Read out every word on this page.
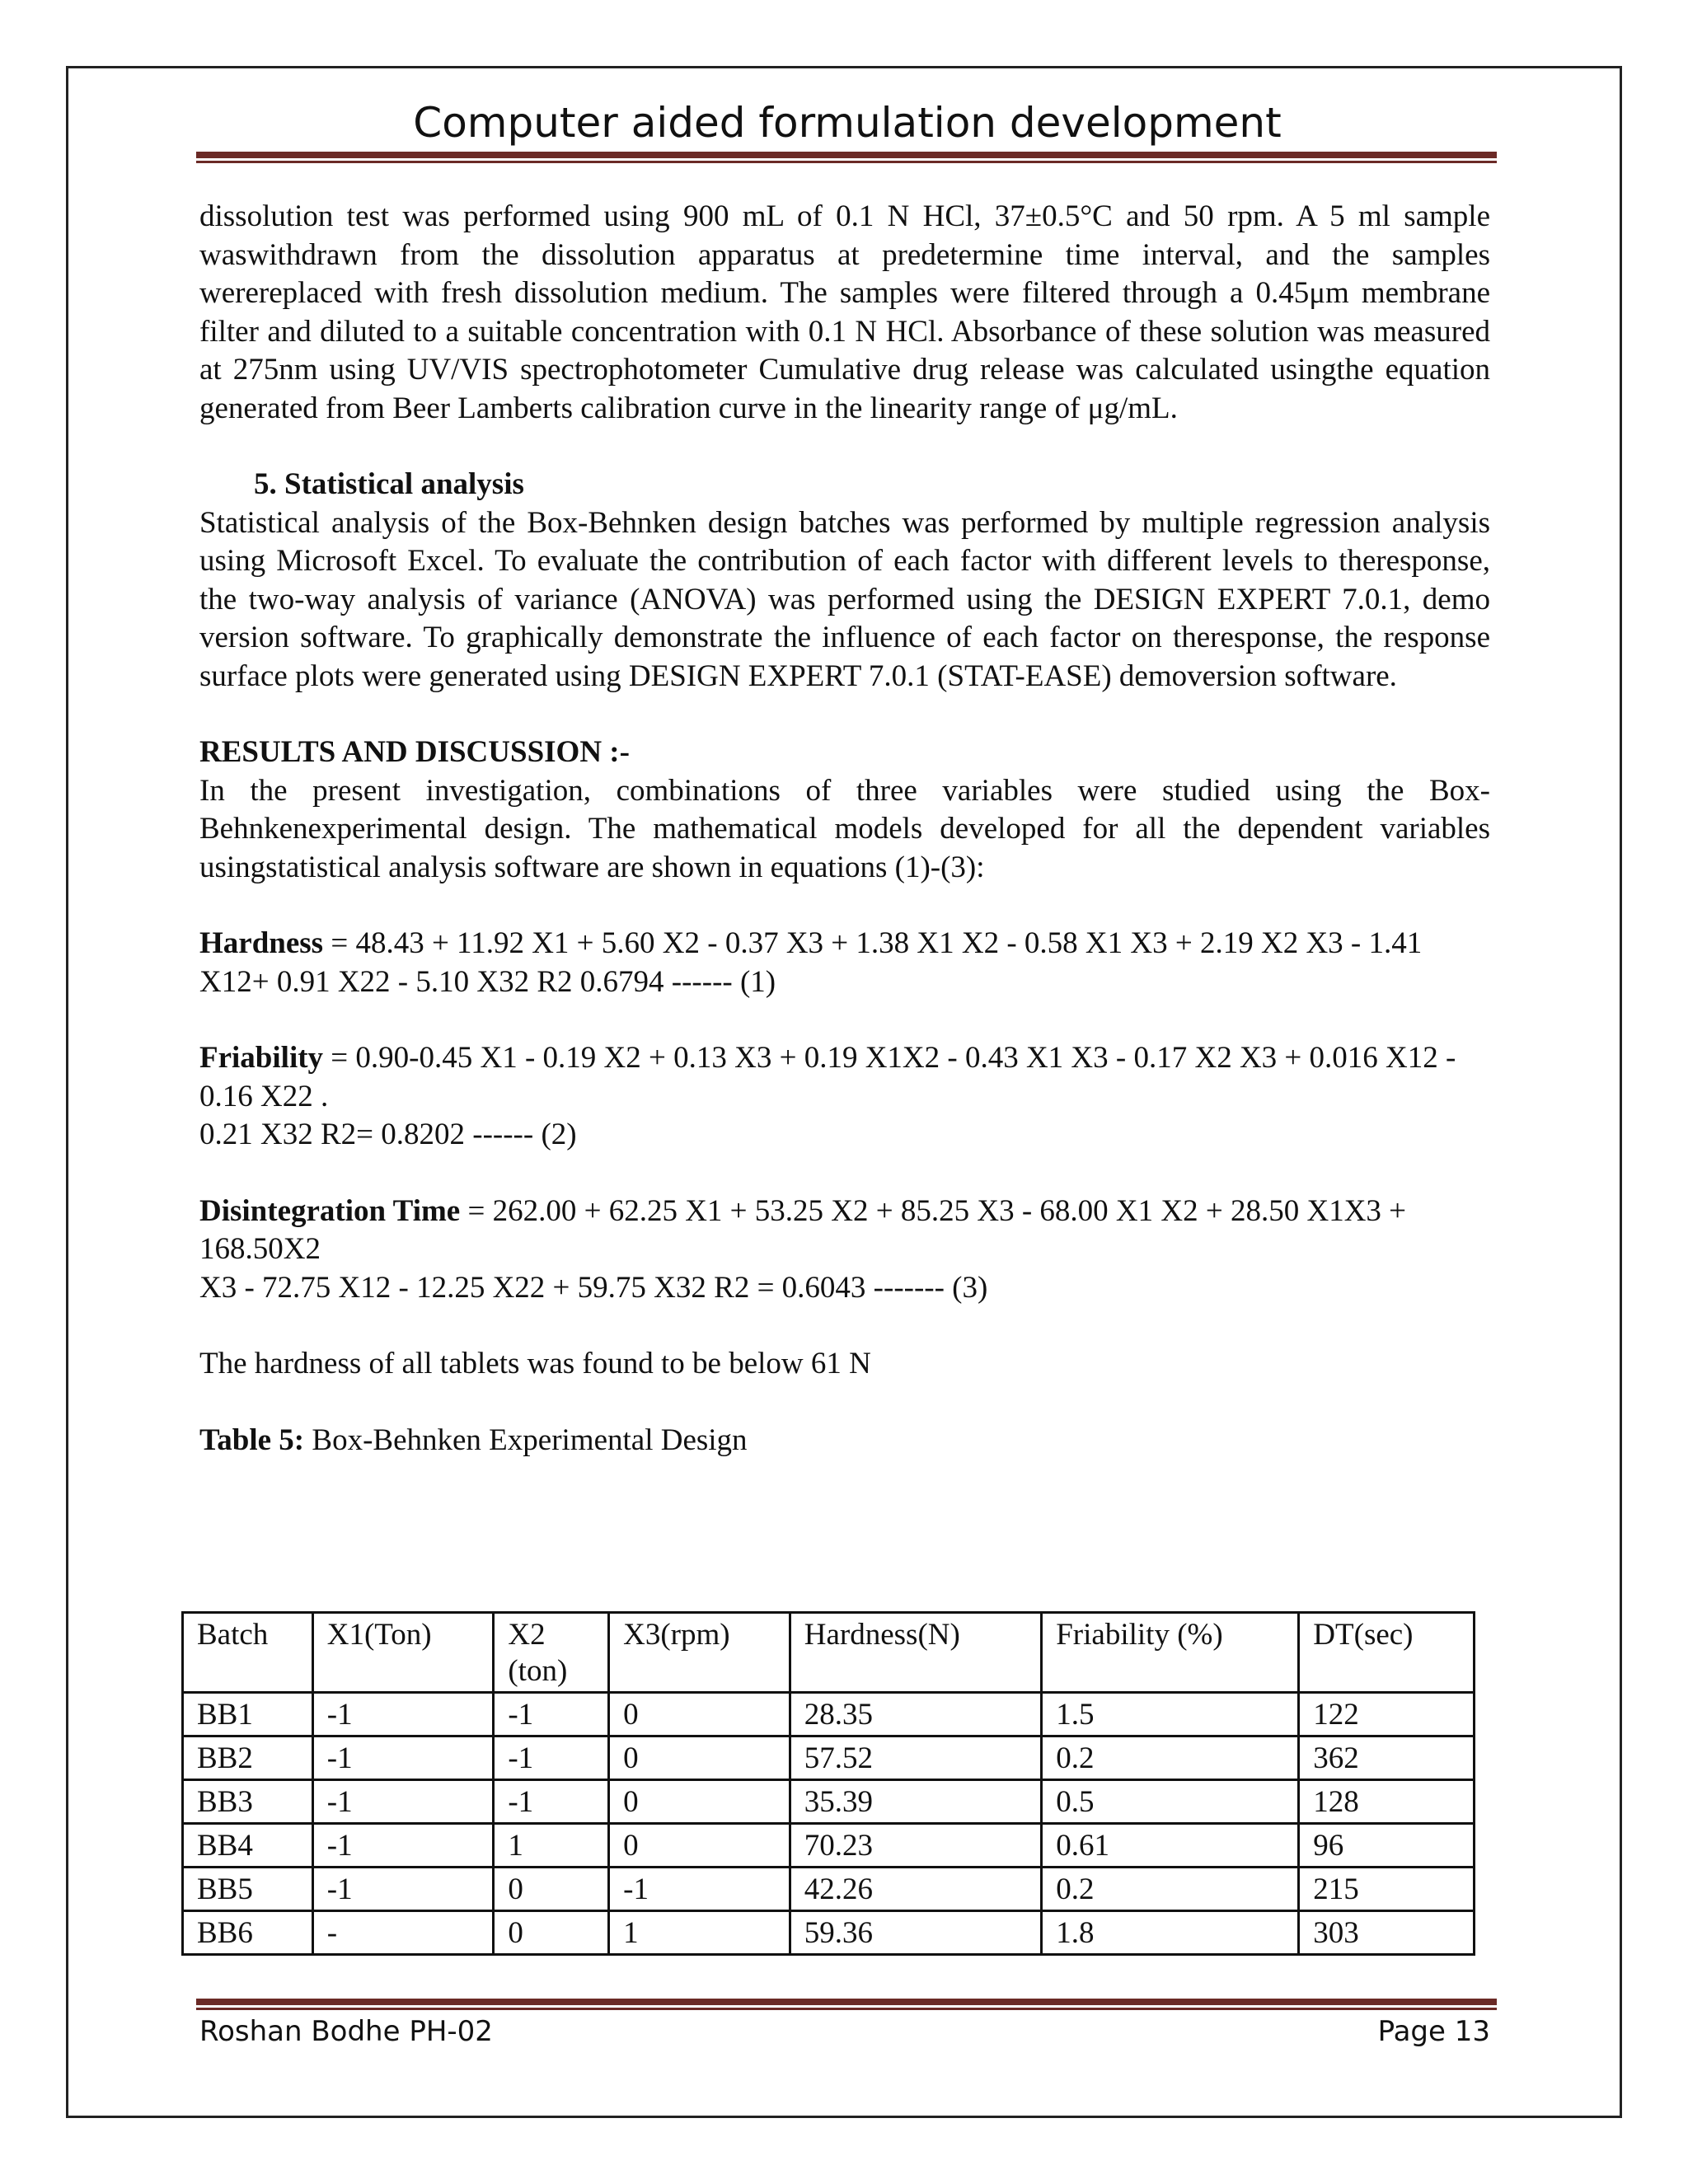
Computer aided formulation development

dissolution test was performed using 900 mL of 0.1 N HCl, 37±0.5°C and 50 rpm. A 5 ml sample waswithdrawn from the dissolution apparatus at predetermine time interval, and the samples werereplaced with fresh dissolution medium. The samples were filtered through a 0.45μm membrane filter and diluted to a suitable concentration with 0.1 N HCl. Absorbance of these solution was measured at 275nm using UV/VIS spectrophotometer Cumulative drug release was calculated usingthe equation generated from Beer Lamberts calibration curve in the linearity range of μg/mL.

5. Statistical analysis

Statistical analysis of the Box-Behnken design batches was performed by multiple regression analysis using Microsoft Excel. To evaluate the contribution of each factor with different levels to theresponse, the two-way analysis of variance (ANOVA) was performed using the DESIGN EXPERT 7.0.1, demo version software. To graphically demonstrate the influence of each factor on theresponse, the response surface plots were generated using DESIGN EXPERT 7.0.1 (STAT-EASE) demoversion software.

RESULTS AND DISCUSSION :-

In the present investigation, combinations of three variables were studied using the Box-Behnkenexperimental design. The mathematical models developed for all the dependent variables usingstatistical analysis software are shown in equations (1)-(3):

Hardness = 48.43 + 11.92 X1 + 5.60 X2 - 0.37 X3 + 1.38 X1 X2 - 0.58 X1 X3 + 2.19 X2 X3 - 1.41 X12+ 0.91 X22 - 5.10 X32 R2 0.6794 ------ (1)

Friability = 0.90-0.45 X1 - 0.19 X2 + 0.13 X3 + 0.19 X1X2 - 0.43 X1 X3 - 0.17 X2 X3 + 0.016 X12 - 0.16 X22 .

0.21 X32 R2= 0.8202 ------ (2)

Disintegration Time = 262.00 + 62.25 X1 + 53.25 X2 + 85.25 X3 - 68.00 X1 X2 + 28.50 X1X3 + 168.50X2

X3 - 72.75 X12 - 12.25 X22 + 59.75 X32 R2 = 0.6043 ------- (3)

The hardness of all tablets was found to be below 61 N

Table 5: Box-Behnken Experimental Design

Batch	X1(Ton)	X2 (ton)	X3(rpm)	Hardness(N)	Friability (%)	DT(sec)
BB1	-1	-1	0	28.35	1.5	122
BB2	-1	-1	0	57.52	0.2	362
BB3	-1	-1	0	35.39	0.5	128
BB4	-1	1	0	70.23	0.61	96
BB5	-1	0	-1	42.26	0.2	215
BB6	-	0	1	59.36	1.8	303
Roshan Bodhe PH-02	Page 13
